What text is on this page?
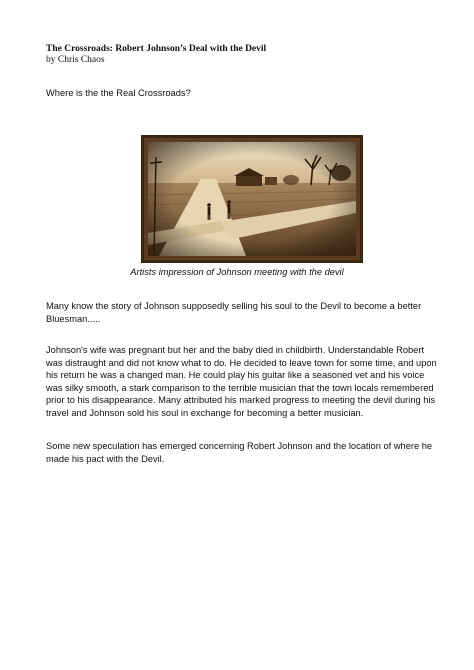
The Crossroads: Robert Johnson’s Deal with the Devil
by Chris Chaos
Where is the the Real Crossroads?
Artists impression of Johnson meeting with the devil

Many know the story of Johnson supposedly selling his soul to the Devil to become a better Bluesman.....

Johnson's wife was pregnant but her and the baby died in childbirth. Understandable Robert was distraught and did not know what to do. He decided to leave town for some time, and upon his return he was a changed man. He could play his guitar like a seasoned vet and his voice was silky smooth, a stark comparison to the terrible musician that the town locals remembered prior to his disappearance. Many attributed his marked progress to meeting the devil during his travel and Johnson sold his soul in exchange for becoming a better musician.

Some new speculation has emerged concerning Robert Johnson and the location of where he made his pact with the Devil.
